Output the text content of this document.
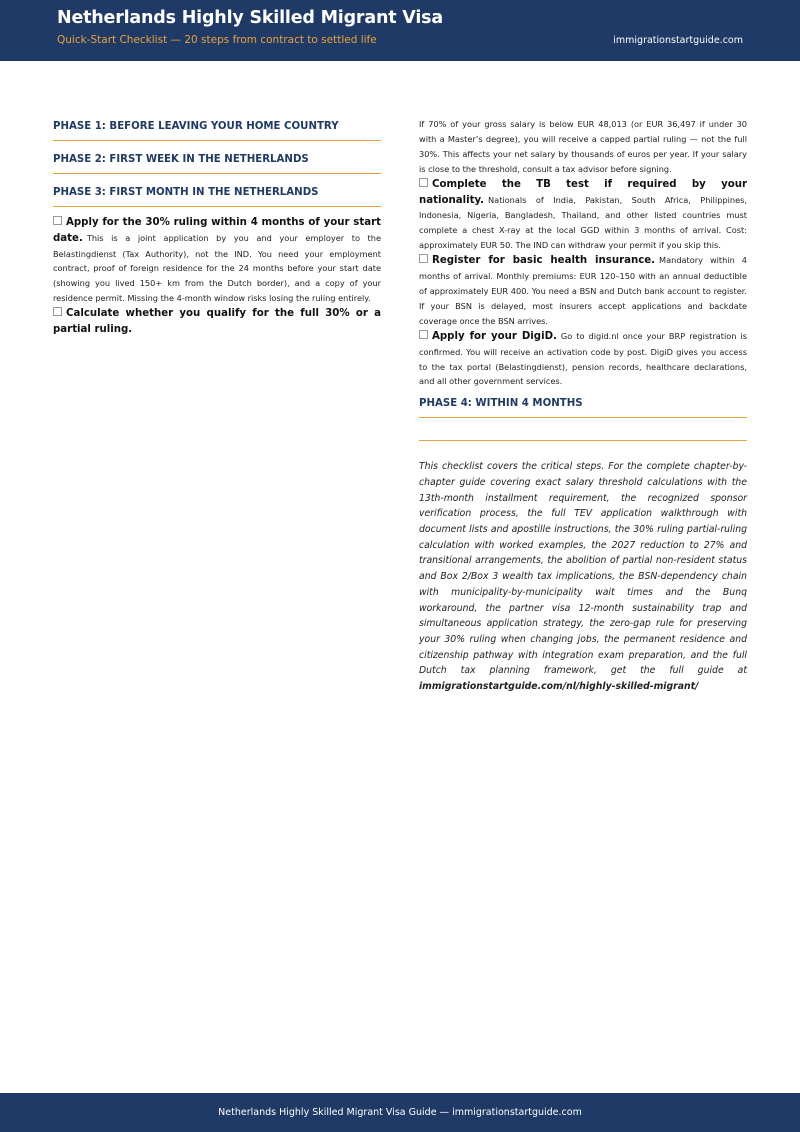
Netherlands Highly Skilled Migrant Visa
Quick-Start Checklist — 20 steps from contract to settled life	immigrationstartguide.com
PHASE 1: BEFORE LEAVING YOUR HOME COUNTRY
PHASE 2: FIRST WEEK IN THE NETHERLANDS
PHASE 3: FIRST MONTH IN THE NETHERLANDS
Apply for the 30% ruling within 4 months of your start date. This is a joint application by you and your employer to the Belastingdienst (Tax Authority), not the IND. You need your employment contract, proof of foreign residence for the 24 months before your start date (showing you lived 150+ km from the Dutch border), and a copy of your residence permit. Missing the 4-month window risks losing the ruling entirely.
Calculate whether you qualify for the full 30% or a partial ruling.
If 70% of your gross salary is below EUR 48,013 (or EUR 36,497 if under 30 with a Master’s degree), you will receive a capped partial ruling — not the full 30%. This affects your net salary by thousands of euros per year. If your salary is close to the threshold, consult a tax advisor before signing.
Complete the TB test if required by your nationality. Nationals of India, Pakistan, South Africa, Philippines, Indonesia, Nigeria, Bangladesh, Thailand, and other listed countries must complete a chest X-ray at the local GGD within 3 months of arrival. Cost: approximately EUR 50. The IND can withdraw your permit if you skip this.
Register for basic health insurance. Mandatory within 4 months of arrival. Monthly premiums: EUR 120–150 with an annual deductible of approximately EUR 400. You need a BSN and Dutch bank account to register. If your BSN is delayed, most insurers accept applications and backdate coverage once the BSN arrives.
Apply for your DigiD. Go to digid.nl once your BRP registration is confirmed. You will receive an activation code by post. DigiD gives you access to the tax portal (Belastingdienst), pension records, healthcare declarations, and all other government services.
PHASE 4: WITHIN 4 MONTHS
This checklist covers the critical steps. For the complete chapter-by-chapter guide covering exact salary threshold calculations with the 13th-month installment requirement, the recognized sponsor verification process, the full TEV application walkthrough with document lists and apostille instructions, the 30% ruling partial-ruling calculation with worked examples, the 2027 reduction to 27% and transitional arrangements, the abolition of partial non-resident status and Box 2/Box 3 wealth tax implications, the BSN-dependency chain with municipality-by-municipality wait times and the Bunq workaround, the partner visa 12-month sustainability trap and simultaneous application strategy, the zero-gap rule for preserving your 30% ruling when changing jobs, the permanent residence and citizenship pathway with integration exam preparation, and the full Dutch tax planning framework, get the full guide at immigrationstartguide.com/nl/highly-skilled-migrant/
Netherlands Highly Skilled Migrant Visa Guide — immigrationstartguide.com
